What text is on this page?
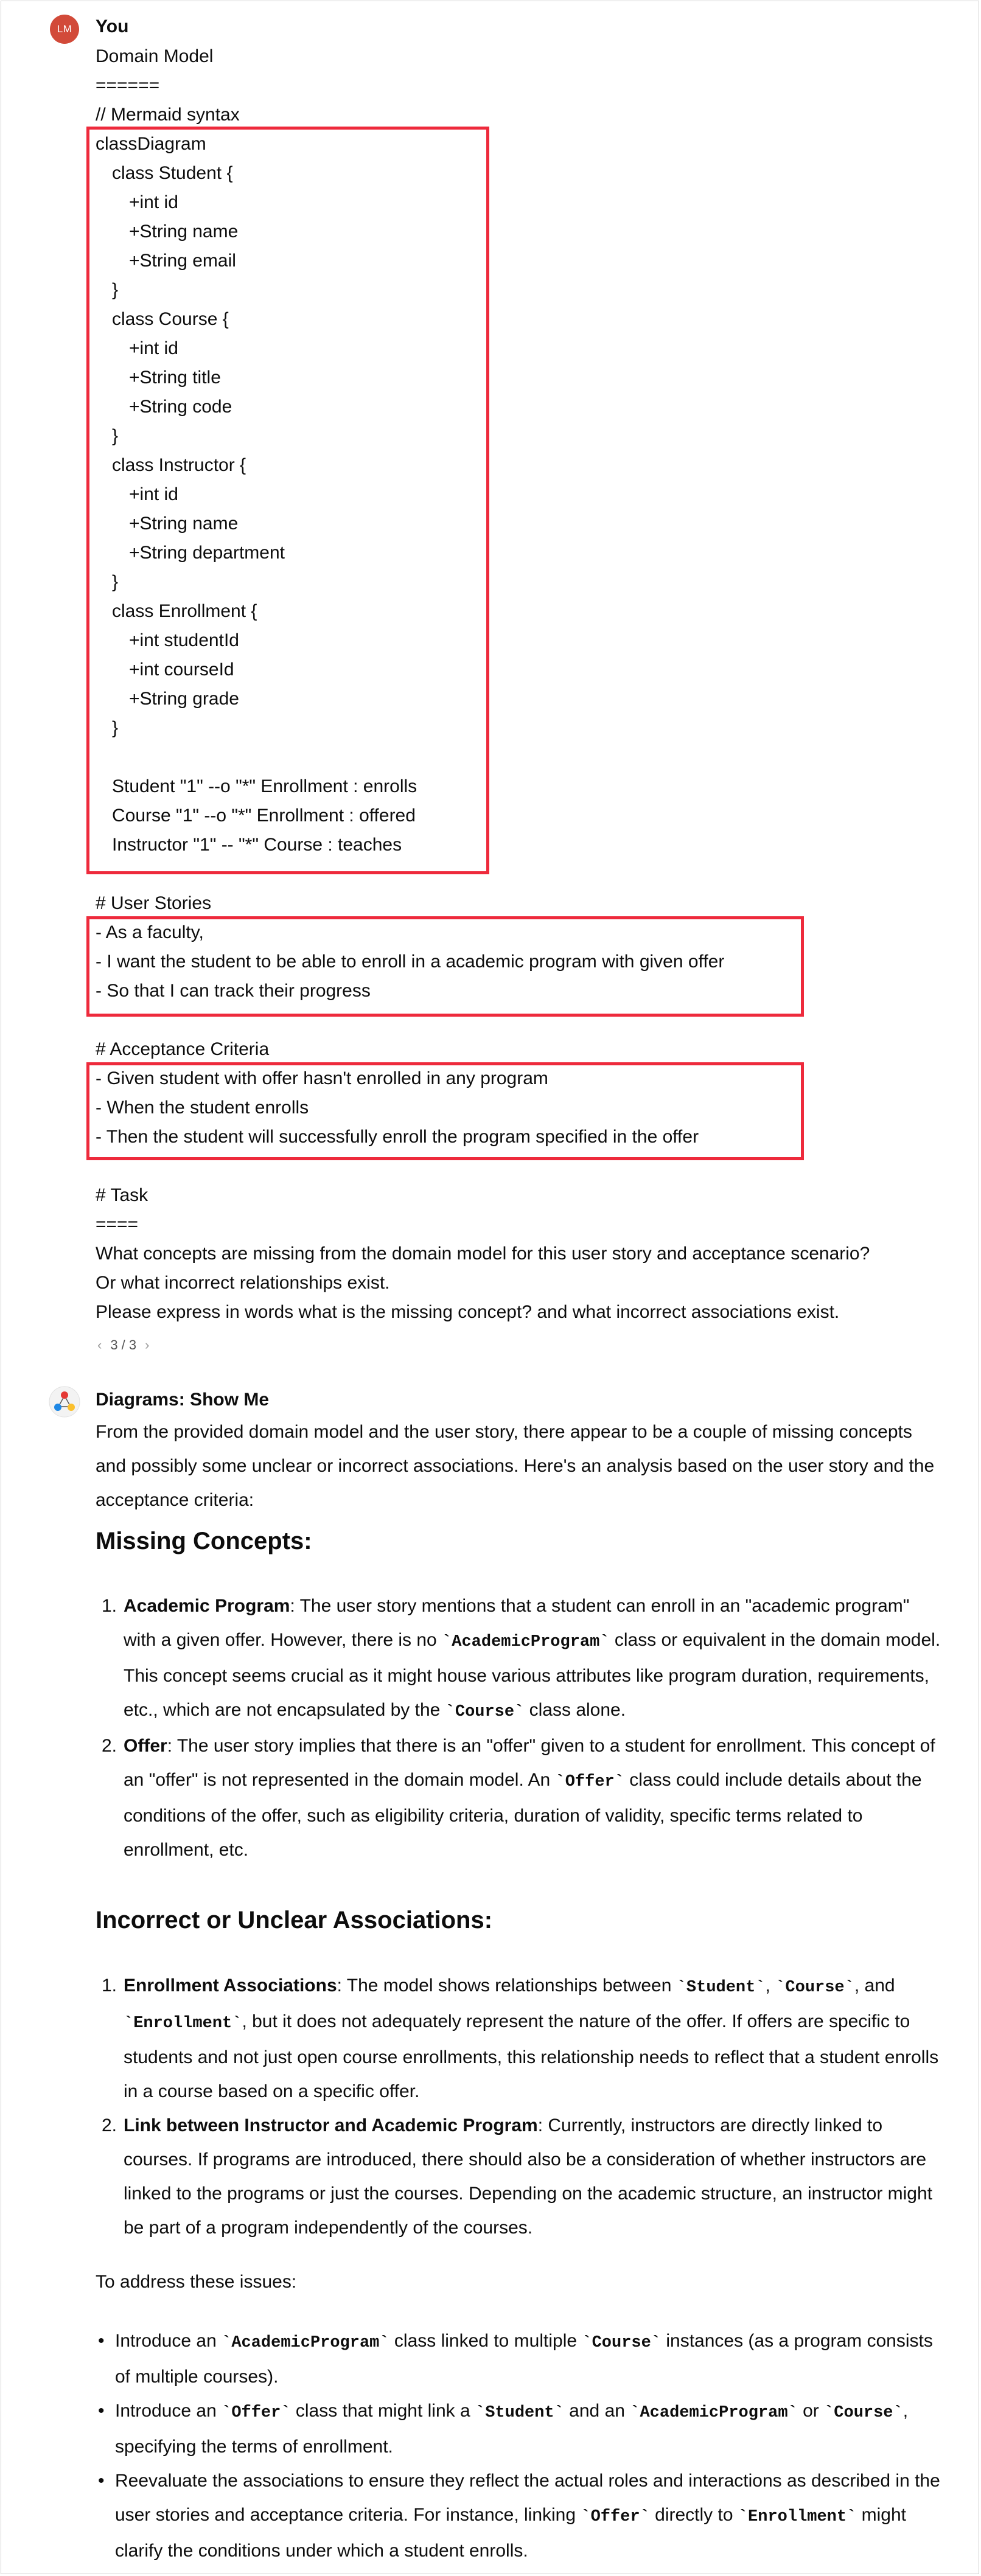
LM	You
Domain Model
======
// Mermaid syntax
classDiagram
class Student {
+int id
+String name
+String email
}
class Course {
+int id
+String title
+String code
}
class Instructor {
+int id
+String name
+String department
}
class Enrollment {
+int studentId
+int courseId
+String grade
}
Student "1" --o "*" Enrollment : enrolls
Course "1" --o "*" Enrollment : offered
Instructor "1" -- "*" Course : teaches
# User Stories
- As a faculty,
- I want the student to be able to enroll in a academic program with given offer
- So that I can track their progress
# Acceptance Criteria
- Given student with offer hasn't enrolled in any program
- When the student enrolls
- Then the student will successfully enroll the program specified in the offer
# Task
====
What concepts are missing from the domain model for this user story and acceptance scenario?
Or what incorrect relationships exist.
Please express in words what is the missing concept? and what incorrect associations exist.
‹ 3 / 3 ›
Diagrams: Show Me
From the provided domain model and the user story, there appear to be a couple of missing concepts and possibly some unclear or incorrect associations. Here's an analysis based on the user story and the acceptance criteria:
Missing Concepts:
1. Academic Program: The user story mentions that a student can enroll in an "academic program" with a given offer. However, there is no `AcademicProgram` class or equivalent in the domain model. This concept seems crucial as it might house various attributes like program duration, requirements, etc., which are not encapsulated by the `Course` class alone.
2. Offer: The user story implies that there is an "offer" given to a student for enrollment. This concept of an "offer" is not represented in the domain model. An `Offer` class could include details about the conditions of the offer, such as eligibility criteria, duration of validity, specific terms related to enrollment, etc.
Incorrect or Unclear Associations:
1. Enrollment Associations: The model shows relationships between `Student`, `Course`, and `Enrollment`, but it does not adequately represent the nature of the offer. If offers are specific to students and not just open course enrollments, this relationship needs to reflect that a student enrolls in a course based on a specific offer.
2. Link between Instructor and Academic Program: Currently, instructors are directly linked to courses. If programs are introduced, there should also be a consideration of whether instructors are linked to the programs or just the courses. Depending on the academic structure, an instructor might be part of a program independently of the courses.
To address these issues:
• Introduce an `AcademicProgram` class linked to multiple `Course` instances (as a program consists of multiple courses).
• Introduce an `Offer` class that might link a `Student` and an `AcademicProgram` or `Course`, specifying the terms of enrollment.
• Reevaluate the associations to ensure they reflect the actual roles and interactions as described in the user stories and acceptance criteria. For instance, linking `Offer` directly to `Enrollment` might clarify the conditions under which a student enrolls.
